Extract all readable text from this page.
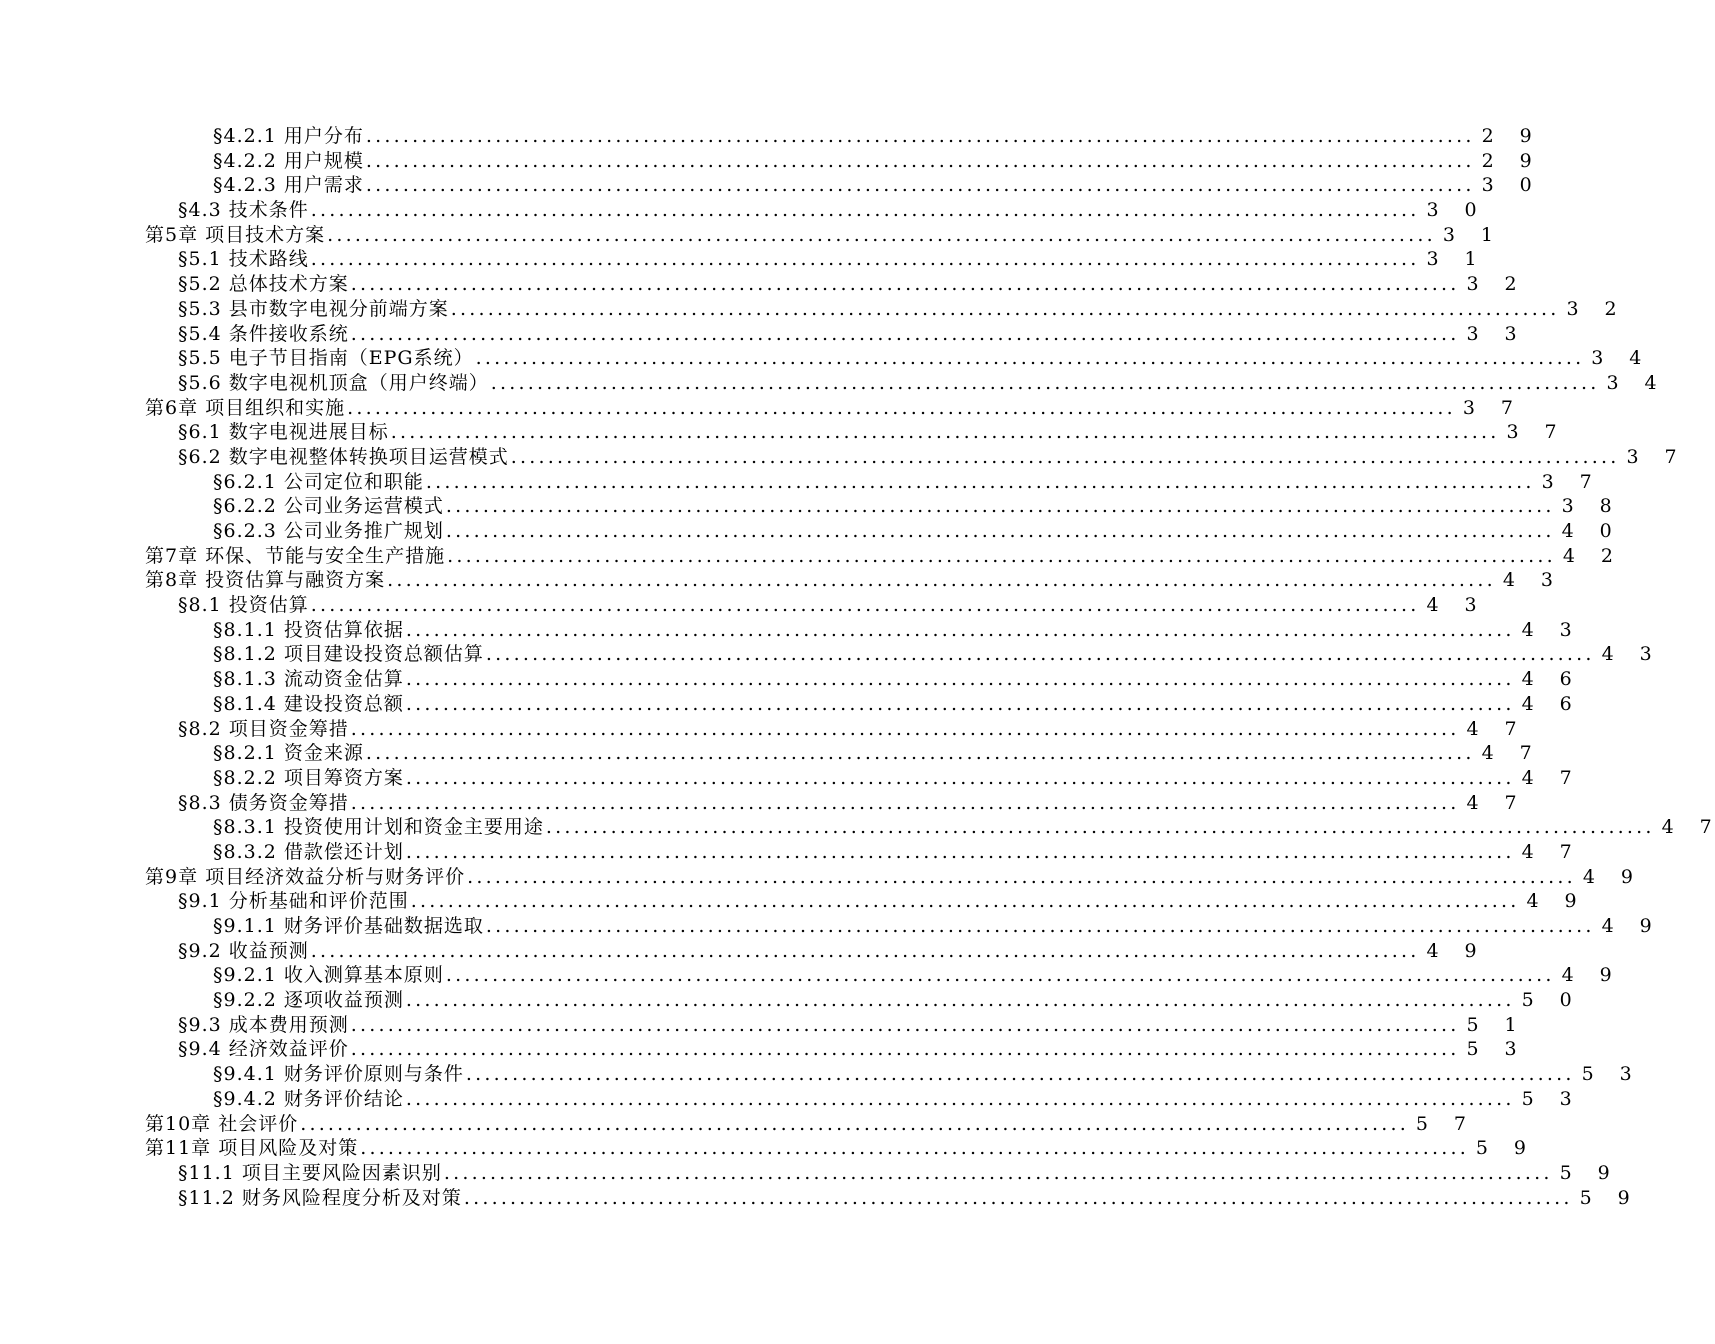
§4.2.1 用户分布 ........................................................................................................................ 2 9
§4.2.2 用户规模 ........................................................................................................................ 2 9
§4.2.3 用户需求 ........................................................................................................................ 3 0
§4.3 技术条件 ........................................................................................................................ 3 0
第5章 项目技术方案 ........................................................................................................................ 3 1
§5.1 技术路线 ........................................................................................................................ 3 1
§5.2 总体技术方案 ........................................................................................................................ 3 2
§5.3 县市数字电视分前端方案 ........................................................................................................................ 3 2
§5.4 条件接收系统 ........................................................................................................................ 3 3
§5.5 电子节目指南（EPG系统） ........................................................................................................................ 3 4
§5.6 数字电视机顶盒（用户终端） ........................................................................................................................ 3 4
第6章 项目组织和实施 ........................................................................................................................ 3 7
§6.1 数字电视进展目标 ........................................................................................................................ 3 7
§6.2 数字电视整体转换项目运营模式 ........................................................................................................................ 3 7
§6.2.1 公司定位和职能 ........................................................................................................................ 3 7
§6.2.2 公司业务运营模式 ........................................................................................................................ 3 8
§6.2.3 公司业务推广规划 ........................................................................................................................ 4 0
第7章 环保、节能与安全生产措施 ........................................................................................................................ 4 2
第8章 投资估算与融资方案 ........................................................................................................................ 4 3
§8.1 投资估算 ........................................................................................................................ 4 3
§8.1.1 投资估算依据 ........................................................................................................................ 4 3
§8.1.2 项目建设投资总额估算 ........................................................................................................................ 4 3
§8.1.3 流动资金估算 ........................................................................................................................ 4 6
§8.1.4 建设投资总额 ........................................................................................................................ 4 6
§8.2 项目资金筹措 ........................................................................................................................ 4 7
§8.2.1 资金来源 ........................................................................................................................ 4 7
§8.2.2 项目筹资方案 ........................................................................................................................ 4 7
§8.3 债务资金筹措 ........................................................................................................................ 4 7
§8.3.1 投资使用计划和资金主要用途 ........................................................................................................................ 4 7
§8.3.2 借款偿还计划 ........................................................................................................................ 4 7
第9章 项目经济效益分析与财务评价 ........................................................................................................................ 4 9
§9.1 分析基础和评价范围 ........................................................................................................................ 4 9
§9.1.1 财务评价基础数据选取 ........................................................................................................................ 4 9
§9.2 收益预测 ........................................................................................................................ 4 9
§9.2.1 收入测算基本原则 ........................................................................................................................ 4 9
§9.2.2 逐项收益预测 ........................................................................................................................ 5 0
§9.3 成本费用预测 ........................................................................................................................ 5 1
§9.4 经济效益评价 ........................................................................................................................ 5 3
§9.4.1 财务评价原则与条件 ........................................................................................................................ 5 3
§9.4.2 财务评价结论 ........................................................................................................................ 5 3
第10章 社会评价 ........................................................................................................................ 5 7
第11章 项目风险及对策 ........................................................................................................................ 5 9
§11.1 项目主要风险因素识别 ........................................................................................................................ 5 9
§11.2 财务风险程度分析及对策 ........................................................................................................................ 5 9
